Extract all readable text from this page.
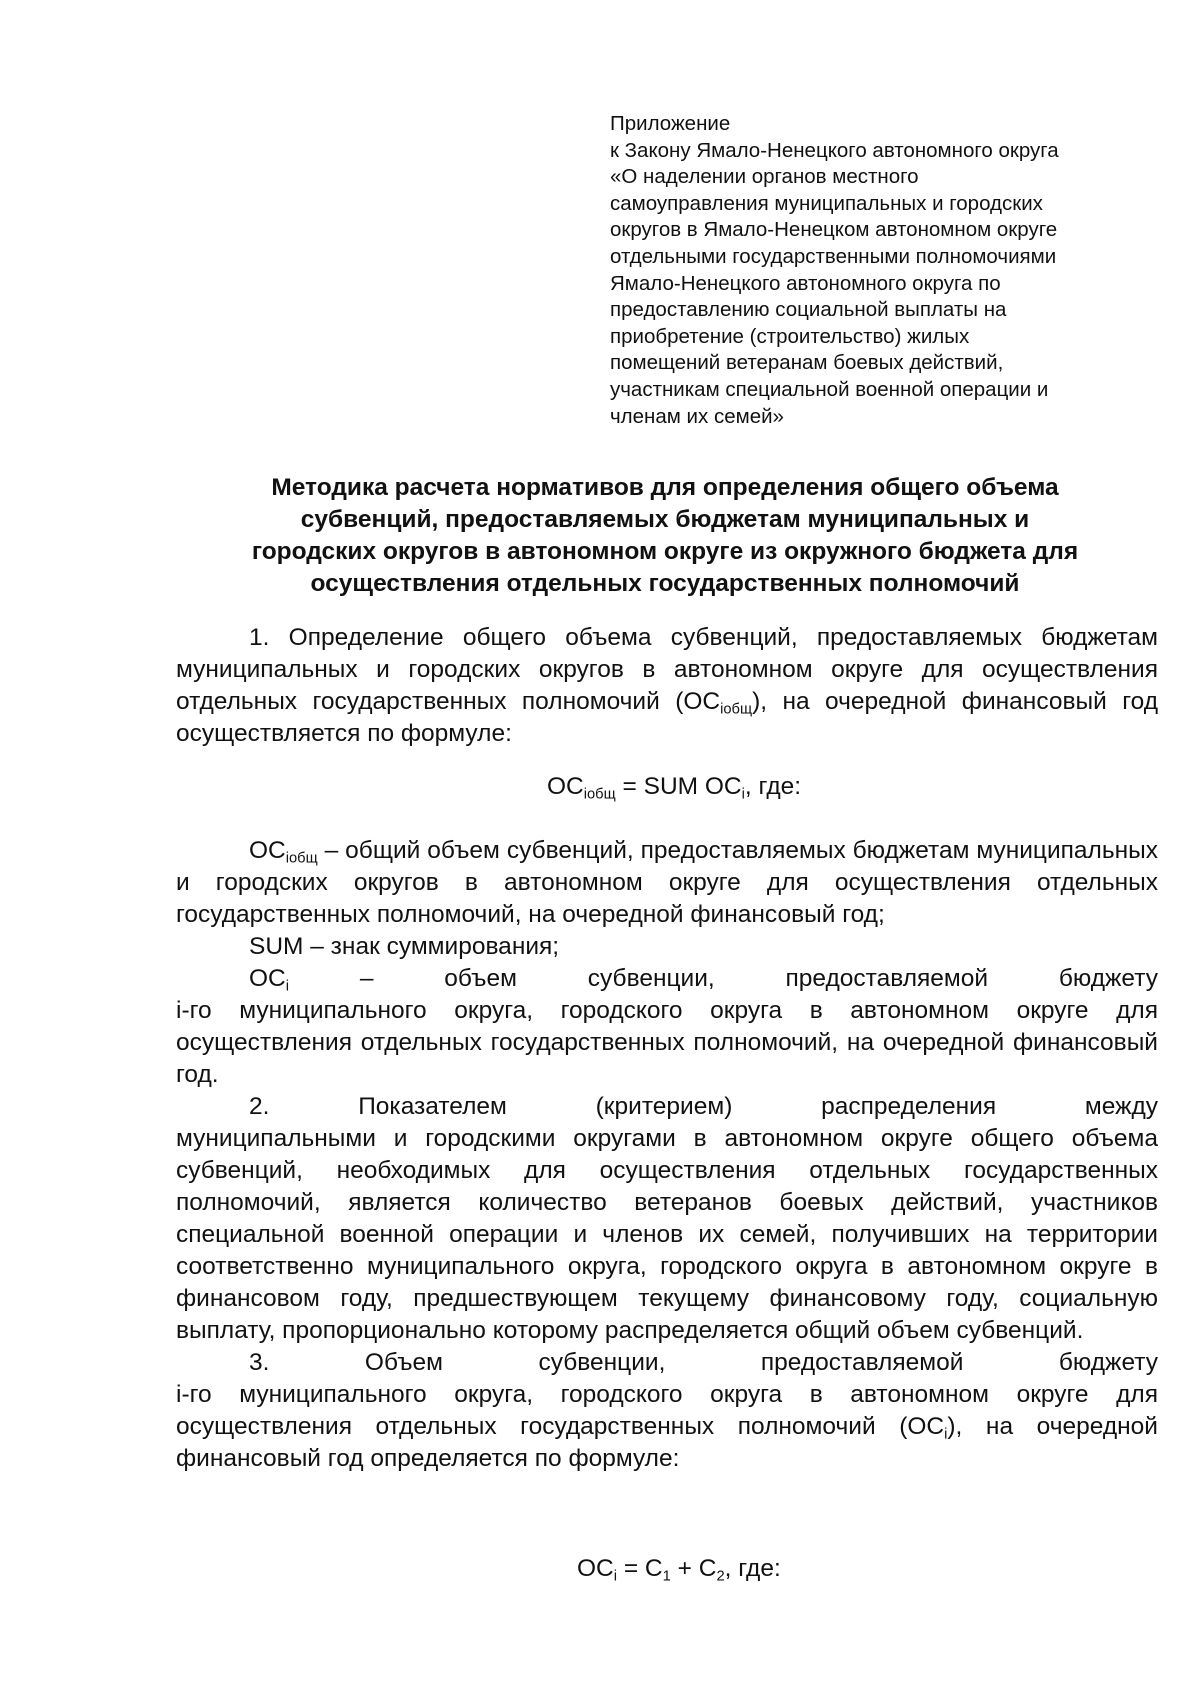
Приложение
к Закону Ямало-Ненецкого автономного округа
«О наделении органов местного
самоуправления муниципальных и городских
округов в Ямало-Ненецком автономном округе
отдельными государственными полномочиями
Ямало-Ненецкого автономного округа по
предоставлению социальной выплаты на
приобретение (строительство) жилых
помещений ветеранам боевых действий,
участникам специальной военной операции и
членам их семей»
Методика расчета нормативов для определения общего объема
субвенций, предоставляемых бюджетам муниципальных и
городских округов в автономном округе из окружного бюджета для
осуществления отдельных государственных полномочий

1. Определение общего объема субвенций, предоставляемых бюджетам муниципальных и городских округов в автономном округе для осуществления отдельных государственных полномочий $(ОС_{iобщ})$, на очередной финансовый год осуществляется по формуле:

$ОС_{iобщ}$ = SUM $ОС_i$, где:

$ОС_{iобщ}$ – общий объем субвенций, предоставляемых бюджетам муниципальных и городских округов в автономном округе для осуществления отдельных государственных полномочий, на очередной финансовый год;

SUM – знак суммирования;

$ОС_i$ – объем субвенции, предоставляемой бюджету

i-го муниципального округа, городского округа в автономном округе для осуществления отдельных государственных полномочий, на очередной финансовый год.

2. Показателем (критерием) распределения между

муниципальными и городскими округами в автономном округе общего объема субвенций, необходимых для осуществления отдельных государственных полномочий, является количество ветеранов боевых действий, участников специальной военной операции и членов их семей, получивших на территории соответственно муниципального округа, городского округа в автономном округе в финансовом году, предшествующем текущему финансовому году, социальную выплату, пропорционально которому распределяется общий объем субвенций.

3. Объем субвенции, предоставляемой бюджету

i-го муниципального округа, городского округа в автономном округе для осуществления отдельных государственных полномочий $(ОС_i)$, на очередной финансовый год определяется по формуле:

$ОС_i = С_1 + С_2$, где:
